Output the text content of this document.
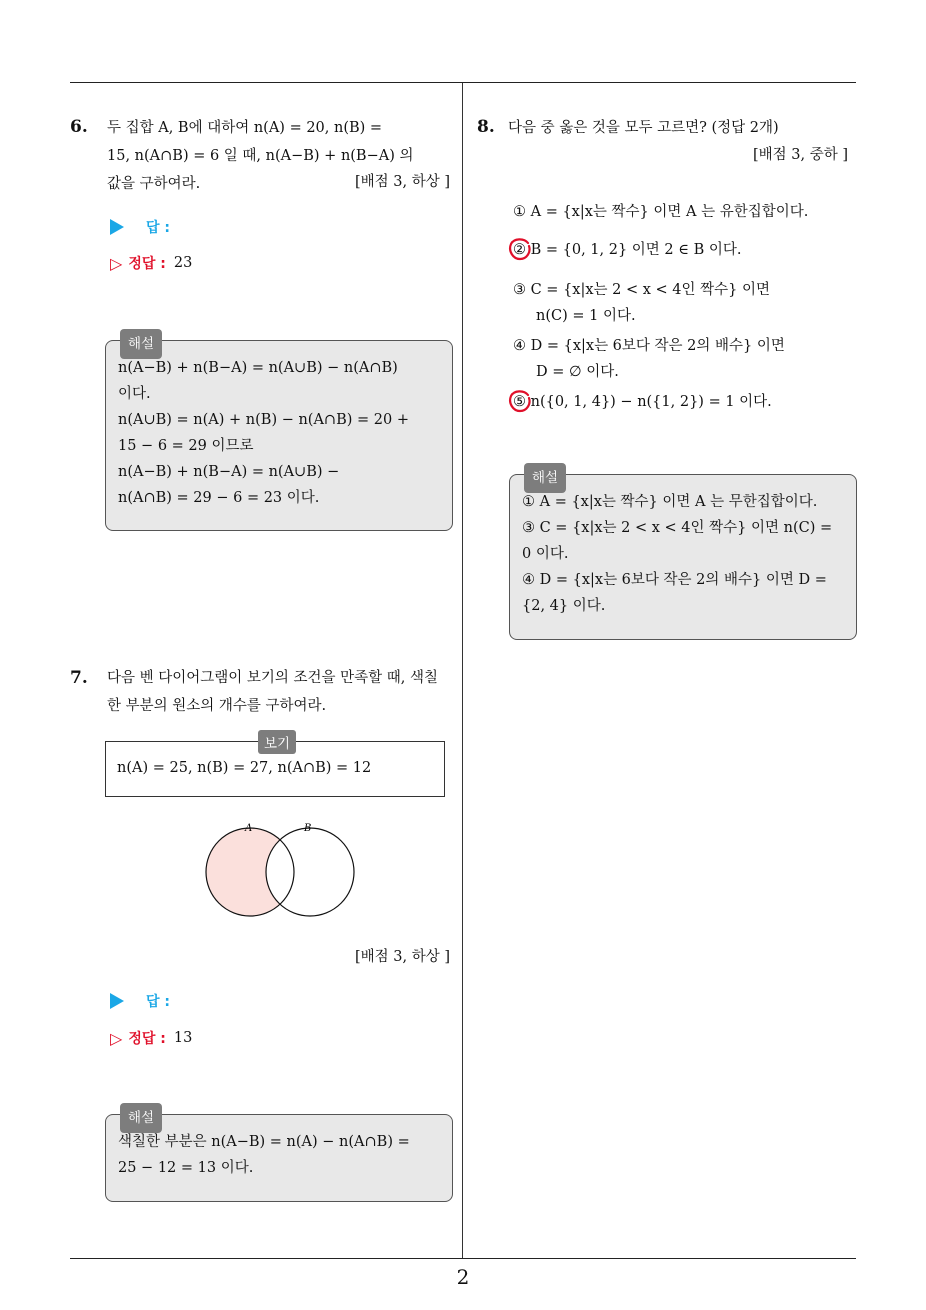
2
6. 두 집합 A, B에 대하여 n(A) = 20, n(B) =
15, n(A∩B) = 6 일 때, n(A−B) + n(B−A) 의
값을 구하여라.	[배점 3, 하상 ]
답 :
▷ 정답 : 23
해설
n(A−B) + n(B−A) = n(A∪B) − n(A∩B)
이다.
n(A∪B) = n(A) + n(B) − n(A∩B) = 20 +
15 − 6 = 29 이므로
n(A−B) + n(B−A) = n(A∪B) −
n(A∩B) = 29 − 6 = 23 이다.
7. 다음 벤 다이어그램이 보기의 조건을 만족할 때, 색칠
한 부분의 원소의 개수를 구하여라.
보기
n(A) = 25, n(B) = 27, n(A∩B) = 12
A	B
[배점 3, 하상 ]
답 :
▷ 정답 : 13
해설
색칠한 부분은 n(A−B) = n(A) − n(A∩B) =
25 − 12 = 13 이다.
8. 다음 중 옳은 것을 모두 고르면? (정답 2개)
[배점 3, 중하 ]
① A = {x|x는 짝수} 이면 A 는 유한집합이다.
② B = {0, 1, 2} 이면 2 ∈ B 이다.
③ C = {x|x는 2 < x < 4인 짝수} 이면
n(C) = 1 이다.
④ D = {x|x는 6보다 작은 2의 배수} 이면
D = ∅ 이다.
⑤ n({0, 1, 4}) − n({1, 2}) = 1 이다.
해설
① A = {x|x는 짝수} 이면 A 는 무한집합이다.
③ C = {x|x는 2 < x < 4인 짝수} 이면 n(C) =
0 이다.
④ D = {x|x는 6보다 작은 2의 배수} 이면 D =
{2, 4} 이다.
